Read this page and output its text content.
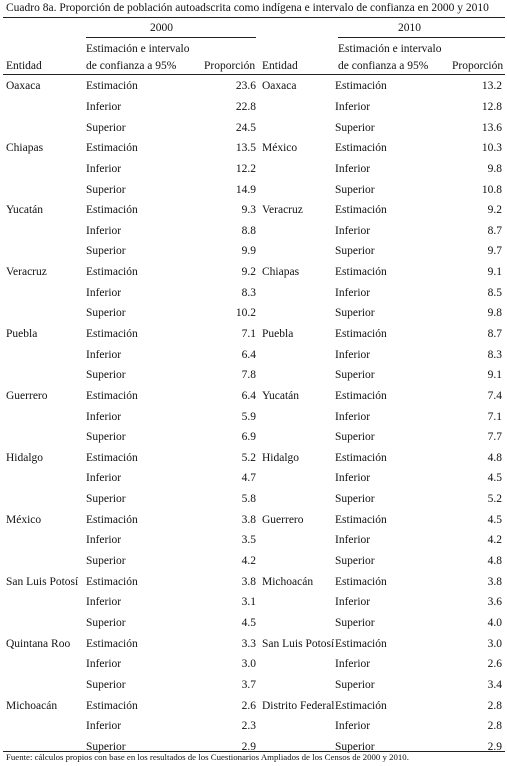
Cuadro 8a. Proporción de población autoadscrita como indígena e intervalo de confianza en 2000 y 2010
2000	2010
Entidad
Estimación e intervalo
de confianza a 95%	Proporción Entidad
Estimación e intervalo
de confianza a 95%	Proporción
Oaxaca	Estimación	23.6	Oaxaca	Estimación	13.2
	Inferior	22.8		Inferior	12.8
	Superior	24.5		Superior	13.6
Chiapas	Estimación	13.5	México	Estimación	10.3
	Inferior	12.2		Inferior	9.8
	Superior	14.9		Superior	10.8
Yucatán	Estimación	9.3	Veracruz	Estimación	9.2
	Inferior	8.8		Inferior	8.7
	Superior	9.9		Superior	9.7
Veracruz	Estimación	9.2	Chiapas	Estimación	9.1
	Inferior	8.3		Inferior	8.5
	Superior	10.2		Superior	9.8
Puebla	Estimación	7.1	Puebla	Estimación	8.7
	Inferior	6.4		Inferior	8.3
	Superior	7.8		Superior	9.1
Guerrero	Estimación	6.4	Yucatán	Estimación	7.4
	Inferior	5.9		Inferior	7.1
	Superior	6.9		Superior	7.7
Hidalgo	Estimación	5.2	Hidalgo	Estimación	4.8
	Inferior	4.7		Inferior	4.5
	Superior	5.8		Superior	5.2
México	Estimación	3.8	Guerrero	Estimación	4.5
	Inferior	3.5		Inferior	4.2
	Superior	4.2		Superior	4.8
San Luis Potosí	Estimación	3.8	Michoacán	Estimación	3.8
	Inferior	3.1		Inferior	3.6
	Superior	4.5		Superior	4.0
Quintana Roo	Estimación	3.3	San Luis Potosí	Estimación	3.0
	Inferior	3.0		Inferior	2.6
	Superior	3.7		Superior	3.4
Michoacán	Estimación	2.6	Distrito Federal	Estimación	2.8
	Inferior	2.3		Inferior	2.8
	Superior	2.9		Superior	2.9
Fuente: cálculos propios con base en los resultados de los Cuestionarios Ampliados de los Censos de 2000 y 2010.
